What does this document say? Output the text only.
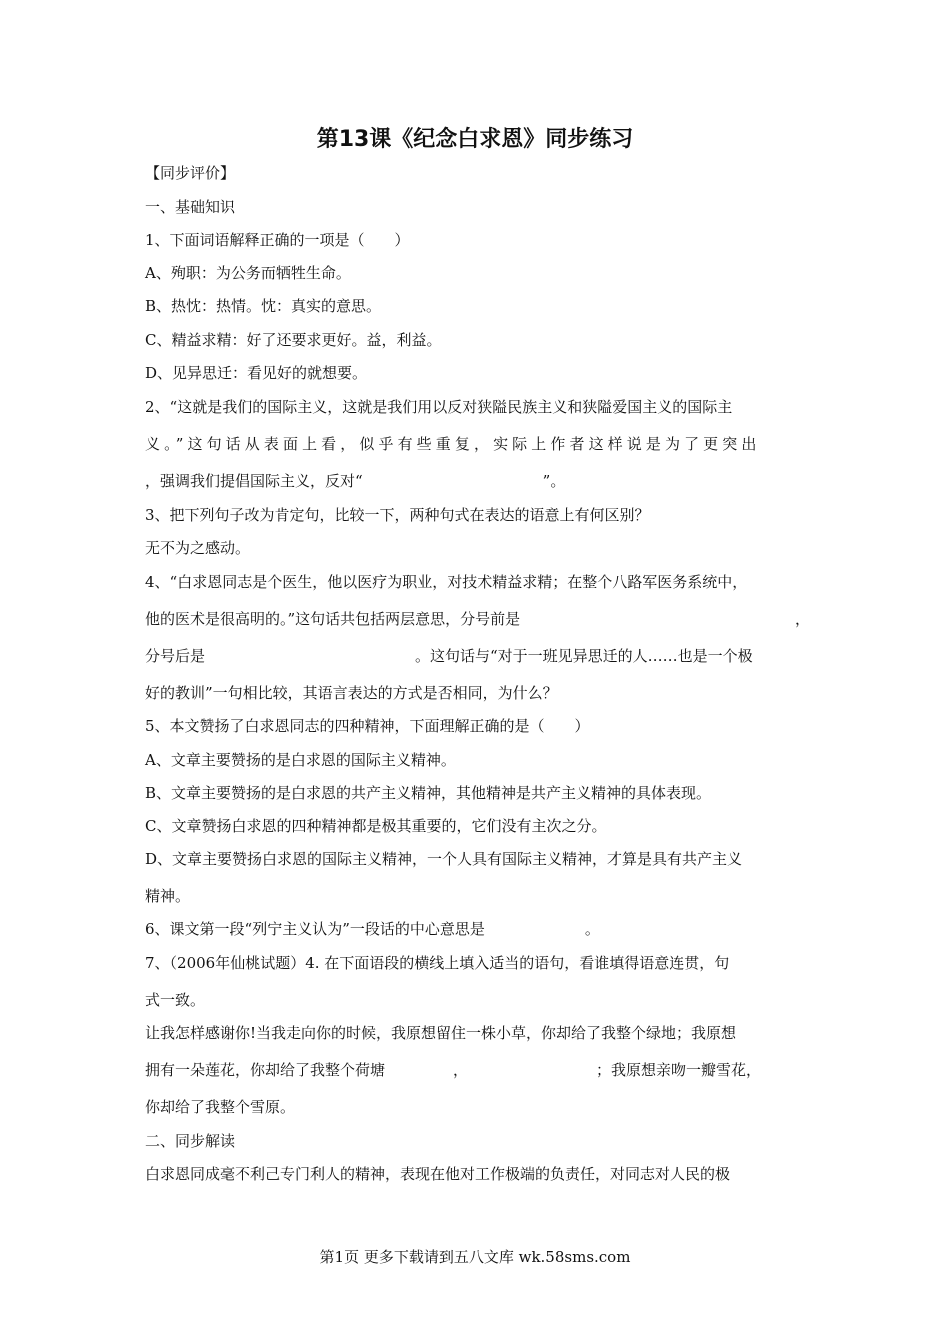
第13课《纪念白求恩》同步练习
【同步评价】
一、基础知识
1、下面词语解释正确的一项是（　　）
A、殉职：为公务而牺牲生命。
B、热忱：热情。忱：真实的意思。
C、精益求精：好了还要求更好。益，利益。
D、见异思迁：看见好的就想要。
2、“这就是我们的国际主义，这就是我们用以反对狭隘民族主义和狭隘爱国主义的国际主
义。”这句话从表面上看，似乎有些重复，实际上作者这样说是为了更突出
，强调我们提倡国际主义，反对“	”。
3、把下列句子改为肯定句，比较一下，两种句式在表达的语意上有何区别？
无不为之感动。
4、“白求恩同志是个医生，他以医疗为职业，对技术精益求精；在整个八路军医务系统中，
他的医术是很高明的。”这句话共包括两层意思，分号前是	，
分号后是	。这句话与“对于一班见异思迁的人……也是一个极
好的教训”一句相比较，其语言表达的方式是否相同，为什么？
5、本文赞扬了白求恩同志的四种精神，下面理解正确的是（　　）
A、文章主要赞扬的是白求恩的国际主义精神。
B、文章主要赞扬的是白求恩的共产主义精神，其他精神是共产主义精神的具体表现。
C、文章赞扬白求恩的四种精神都是极其重要的，它们没有主次之分。
D、文章主要赞扬白求恩的国际主义精神，一个人具有国际主义精神，才算是具有共产主义
精神。
6、课文第一段“列宁主义认为”一段话的中心意思是	。
7、（2006年仙桃试题）4. 在下面语段的横线上填入适当的语句，看谁填得语意连贯，句
式一致。
让我怎样感谢你!当我走向你的时候，我原想留住一株小草，你却给了我整个绿地；我原想
拥有一朵莲花，你却给了我整个荷塘	，	；我原想亲吻一瓣雪花，
你却给了我整个雪原。
二、同步解读
白求恩同成毫不利己专门利人的精神，表现在他对工作极端的负责任，对同志对人民的极
第1页 更多下载请到五八文库 wk.58sms.com
